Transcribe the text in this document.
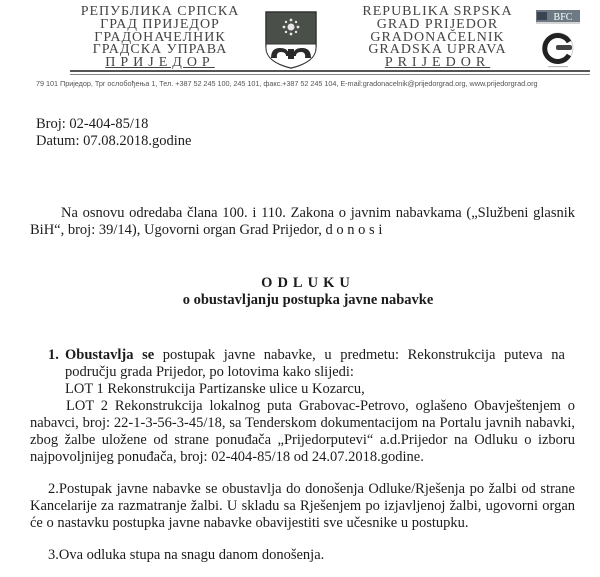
РЕПУБЛИКА СРПСКА
ГРАД ПРИЈЕДОР
ГРАДОНАЧЕЛНИК
ГРАДСКА УПРАВА
ПРИЈЕДОР
REPUBLIKA SRPSKA
GRAD PRIJEDOR
GRADONAČELNIK
GRADSKA UPRAVA
PRIJEDOR
BFC
79 101 Приједор, Трг ослобођења 1, Тел. +387 52 245 100, 245 101, факс.+387 52 245 104, E-mail:gradonacelnik@prijedorgrad.org, www.prijedorgrad.org
Broj: 02-404-85/18
Datum: 07.08.2018.godine
Na osnovu odredaba člana 100. i 110. Zakona o javnim nabavkama („Službeni glasnik BiH“, broj: 39/14), Ugovorni organ Grad Prijedor, d o n o s i
ODLUKU
o obustavljanju postupka javne nabavke
1. Obustavlja se postupak javne nabavke, u predmetu: Rekonstrukcija puteva na području grada Prijedor, po lotovima kako slijedi:
LOT 1 Rekonstrukcija Partizanske ulice u Kozarcu,
LOT 2 Rekonstrukcija lokalnog puta Grabovac-Petrovo, oglašeno Obavještenjem o nabavci, broj: 22-1-3-56-3-45/18, sa Tenderskom dokumentacijom na Portalu javnih nabavki, zbog žalbe uložene od strane ponuđača „Prijedorputevi“ a.d.Prijedor na Odluku o izboru najpovoljnijeg ponuđača, broj: 02-404-85/18 od 24.07.2018.godine.
2.Postupak javne nabavke se obustavlja do donošenja Odluke/Rješenja po žalbi od strane Kancelarije za razmatranje žalbi. U skladu sa Rješenjem po izjavljenoj žalbi, ugovorni organ će o nastavku postupka javne nabavke obavijestiti sve učesnike u postupku.
3.Ova odluka stupa na snagu danom donošenja.
